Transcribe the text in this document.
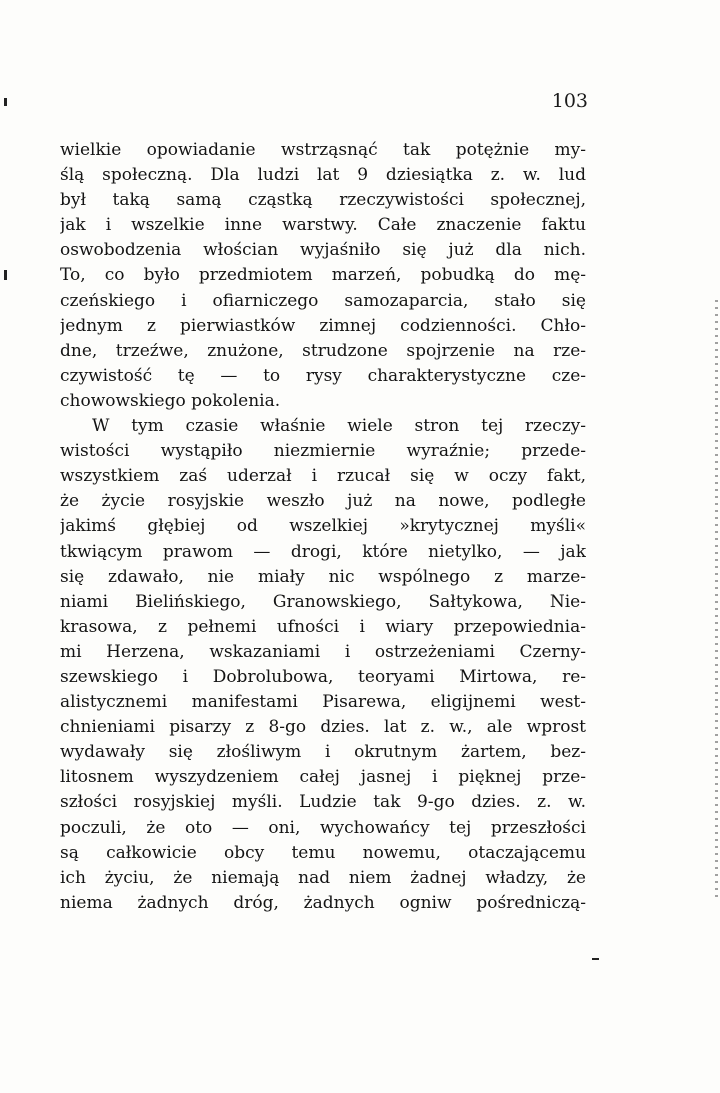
103
wielkie opowiadanie wstrząsnąć tak potężnie my-
ślą społeczną. Dla ludzi lat 9 dziesiątka z. w. lud
był taką samą cząstką rzeczywistości społecznej,
jak i wszelkie inne warstwy. Całe znaczenie faktu
oswobodzenia włościan wyjaśniło się już dla nich.
To, co było przedmiotem marzeń, pobudką do mę-
czeńskiego i ofiarniczego samozaparcia, stało się
jednym z pierwiastków zimnej codzienności. Chło-
dne, trzeźwe, znużone, strudzone spojrzenie na rze-
czywistość tę — to rysy charakterystyczne cze-
chowowskiego pokolenia.
W tym czasie właśnie wiele stron tej rzeczy-
wistości wystąpiło niezmiernie wyraźnie; przede-
wszystkiem zaś uderzał i rzucał się w oczy fakt,
że życie rosyjskie weszło już na nowe, podległe
jakimś głębiej od wszelkiej »krytycznej myśli«
tkwiącym prawom — drogi, które nietylko, — jak
się zdawało, nie miały nic wspólnego z marze-
niami Bielińskiego, Granowskiego, Sałtykowa, Nie-
krasowa, z pełnemi ufności i wiary przepowiednia-
mi Herzena, wskazaniami i ostrzeżeniami Czerny-
szewskiego i Dobrolubowa, teoryami Mirtowa, re-
alistycznemi manifestami Pisarewa, eligijnemi west-
chnieniami pisarzy z 8-go dzies. lat z. w., ale wprost
wydawały się złośliwym i okrutnym żartem, bez-
litosnem wyszydzeniem całej jasnej i pięknej prze-
szłości rosyjskiej myśli. Ludzie tak 9-go dzies. z. w.
poczuli, że oto — oni, wychowańcy tej przeszłości
są całkowicie obcy temu nowemu, otaczającemu
ich życiu, że niemają nad niem żadnej władzy, że
niema żadnych dróg, żadnych ogniw pośredniczą-
